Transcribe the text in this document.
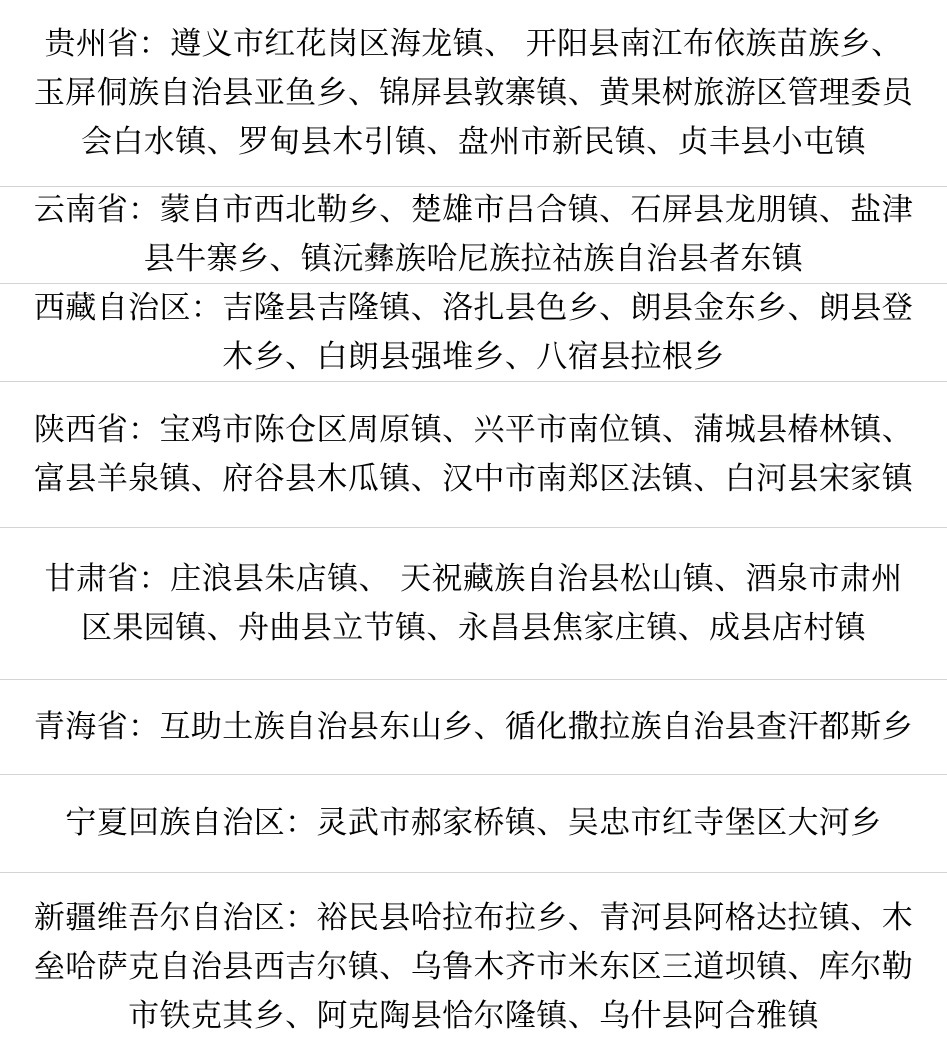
贵州省：遵义市红花岗区海龙镇、 开阳县南江布依族苗族乡、
玉屏侗族自治县亚鱼乡、锦屏县敦寨镇、黄果树旅游区管理委员
会白水镇、罗甸县木引镇、盘州市新民镇、贞丰县小屯镇

云南省：蒙自市西北勒乡、楚雄市吕合镇、石屏县龙朋镇、盐津
县牛寨乡、镇沅彝族哈尼族拉祜族自治县者东镇

西藏自治区：吉隆县吉隆镇、洛扎县色乡、朗县金东乡、朗县登
木乡、白朗县强堆乡、八宿县拉根乡

陕西省：宝鸡市陈仓区周原镇、兴平市南位镇、蒲城县椿林镇、
富县羊泉镇、府谷县木瓜镇、汉中市南郑区法镇、白河县宋家镇

甘肃省：庄浪县朱店镇、 天祝藏族自治县松山镇、酒泉市肃州
区果园镇、舟曲县立节镇、永昌县焦家庄镇、成县店村镇

青海省：互助土族自治县东山乡、循化撒拉族自治县查汗都斯乡

宁夏回族自治区：灵武市郝家桥镇、吴忠市红寺堡区大河乡

新疆维吾尔自治区：裕民县哈拉布拉乡、青河县阿格达拉镇、木
垒哈萨克自治县西吉尔镇、乌鲁木齐市米东区三道坝镇、库尔勒
市铁克其乡、阿克陶县恰尔隆镇、乌什县阿合雅镇
